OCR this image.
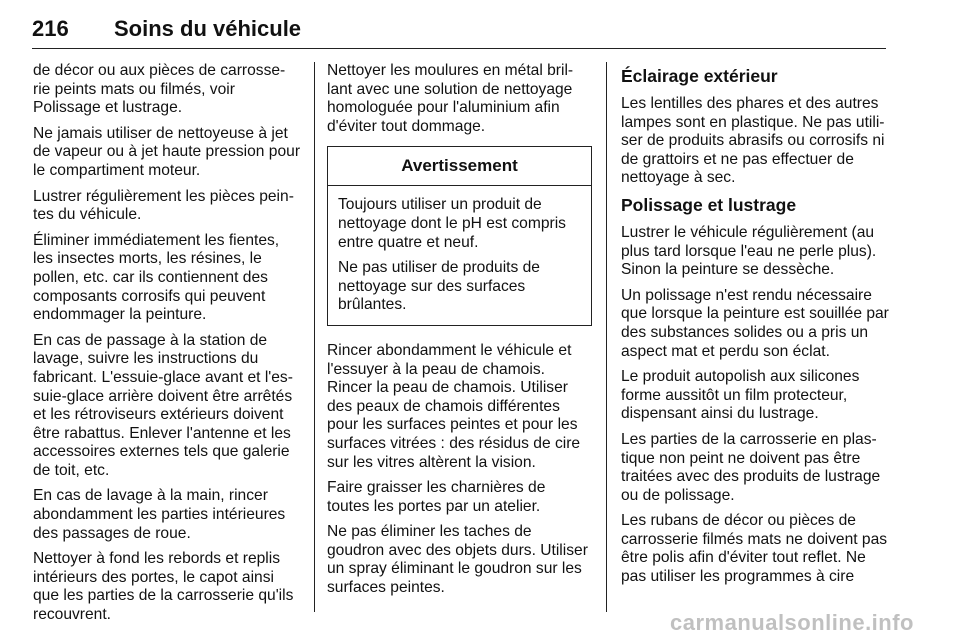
216 Soins du véhicule

de décor ou aux pièces de carrosse-rie peints mats ou filmés, voir Polissage et lustrage.

Ne jamais utiliser de nettoyeuse à jet de vapeur ou à jet haute pression pour le compartiment moteur.

Lustrer régulièrement les pièces pein-tes du véhicule.

Éliminer immédiatement les fientes, les insectes morts, les résines, le pollen, etc. car ils contiennent des composants corrosifs qui peuvent endommager la peinture.

En cas de passage à la station de lavage, suivre les instructions du fabricant. L'essuie-glace avant et l'es-suie-glace arrière doivent être arrêtés et les rétroviseurs extérieurs doivent être rabattus. Enlever l'antenne et les accessoires externes tels que galerie de toit, etc.

En cas de lavage à la main, rincer abondamment les parties intérieures des passages de roue.

Nettoyer à fond les rebords et replis intérieurs des portes, le capot ainsi que les parties de la carrosserie qu'ils recouvrent.

Nettoyer les moulures en métal bril-lant avec une solution de nettoyage homologuée pour l'aluminium afin d'éviter tout dommage.

Avertissement

Toujours utiliser un produit de nettoyage dont le pH est compris entre quatre et neuf.

Ne pas utiliser de produits de nettoyage sur des surfaces brûlantes.

Rincer abondamment le véhicule et l'essuyer à la peau de chamois. Rincer la peau de chamois. Utiliser des peaux de chamois différentes pour les surfaces peintes et pour les surfaces vitrées : des résidus de cire sur les vitres altèrent la vision.

Faire graisser les charnières de toutes les portes par un atelier.

Ne pas éliminer les taches de goudron avec des objets durs. Utiliser un spray éliminant le goudron sur les surfaces peintes.

Éclairage extérieur

Les lentilles des phares et des autres lampes sont en plastique. Ne pas utili-ser de produits abrasifs ou corrosifs ni de grattoirs et ne pas effectuer de nettoyage à sec.

Polissage et lustrage

Lustrer le véhicule régulièrement (au plus tard lorsque l'eau ne perle plus). Sinon la peinture se dessèche.

Un polissage n'est rendu nécessaire que lorsque la peinture est souillée par des substances solides ou a pris un aspect mat et perdu son éclat.

Le produit autopolish aux silicones forme aussitôt un film protecteur, dispensant ainsi du lustrage.

Les parties de la carrosserie en plas-tique non peint ne doivent pas être traitées avec des produits de lustrage ou de polissage.

Les rubans de décor ou pièces de carrosserie filmés mats ne doivent pas être polis afin d'éviter tout reflet. Ne pas utiliser les programmes à cire

carmanualsonline.info
